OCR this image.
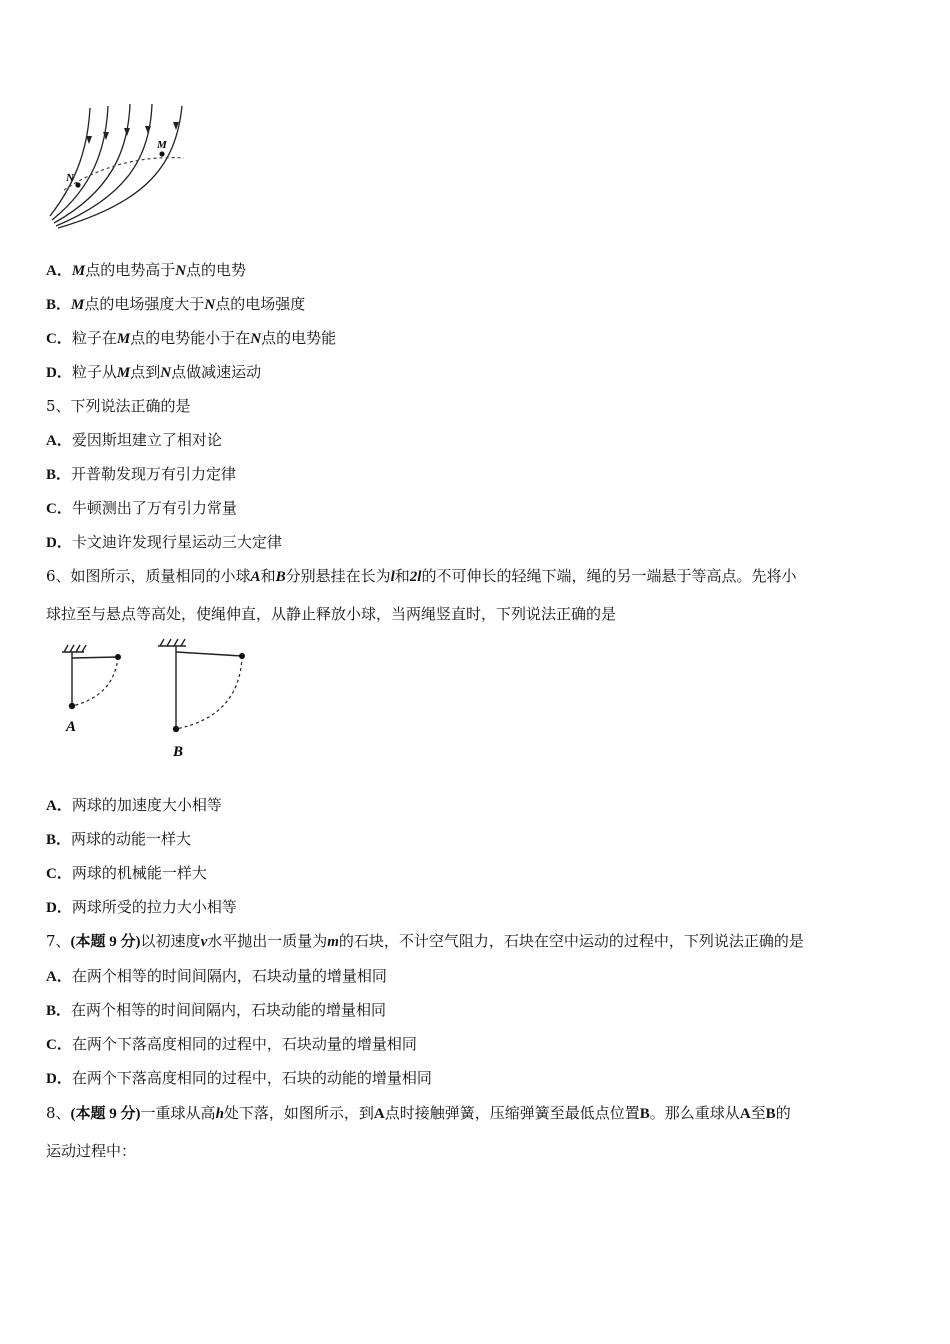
M
N

A．M点的电势高于N点的电势

B．M点的电场强度大于N点的电场强度

C．粒子在M点的电势能小于在N点的电势能

D．粒子从M点到N点做减速运动

5、下列说法正确的是

A．爱因斯坦建立了相对论

B．开普勒发现万有引力定律

C．牛顿测出了万有引力常量

D．卡文迪许发现行星运动三大定律

6、如图所示，质量相同的小球A和B分别悬挂在长为l和2l的不可伸长的轻绳下端，绳的另一端悬于等高点。先将小

球拉至与悬点等高处，使绳伸直，从静止释放小球，当两绳竖直时，下列说法正确的是

A
B

A．两球的加速度大小相等

B．两球的动能一样大

C．两球的机械能一样大

D．两球所受的拉力大小相等

7、(本题 9 分)以初速度v水平抛出一质量为m的石块，不计空气阻力，石块在空中运动的过程中，下列说法正确的是

A．在两个相等的时间间隔内，石块动量的增量相同

B．在两个相等的时间间隔内，石块动能的增量相同

C．在两个下落高度相同的过程中，石块动量的增量相同

D．在两个下落高度相同的过程中，石块的动能的增量相同

8、(本题 9 分)一重球从高h处下落，如图所示，到A点时接触弹簧，压缩弹簧至最低点位置B。那么重球从A至B的

运动过程中：
